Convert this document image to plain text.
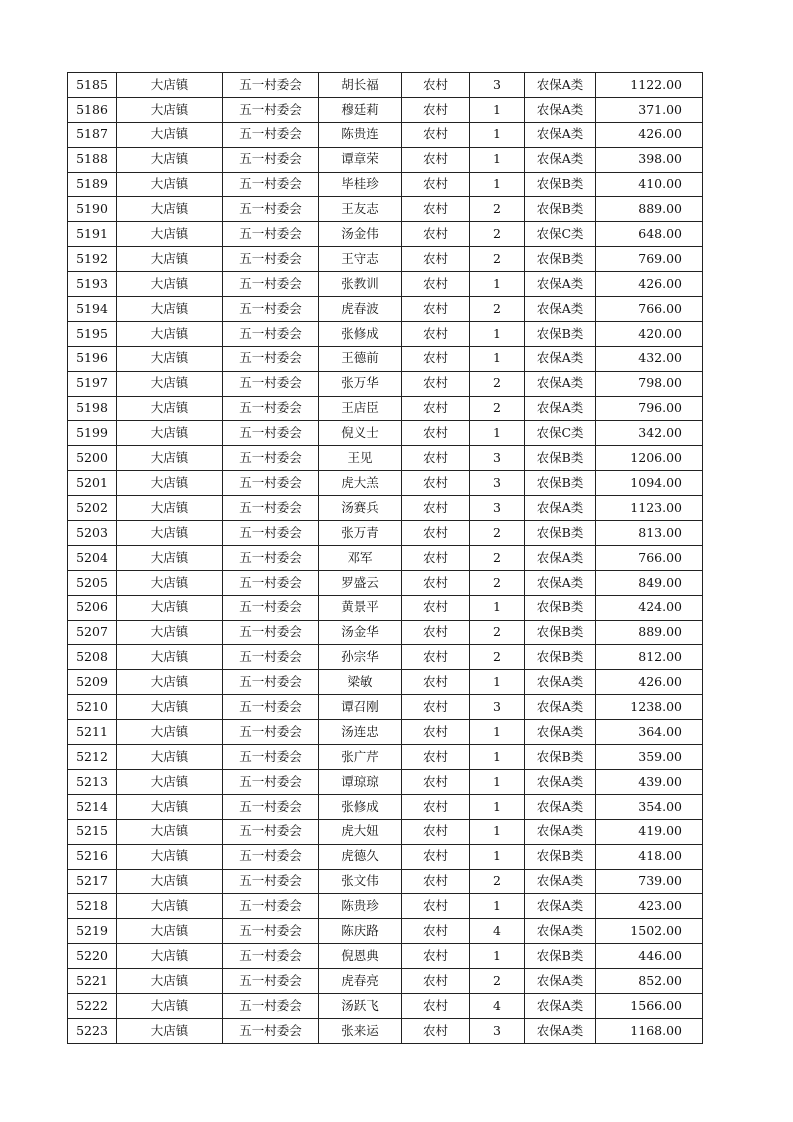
5185	大店镇	五一村委会	胡长福	农村	3	农保A类	1122.00
5186	大店镇	五一村委会	穆廷莉	农村	1	农保A类	371.00
5187	大店镇	五一村委会	陈贵连	农村	1	农保A类	426.00
5188	大店镇	五一村委会	谭章荣	农村	1	农保A类	398.00
5189	大店镇	五一村委会	毕桂珍	农村	1	农保B类	410.00
5190	大店镇	五一村委会	王友志	农村	2	农保B类	889.00
5191	大店镇	五一村委会	汤金伟	农村	2	农保C类	648.00
5192	大店镇	五一村委会	王守志	农村	2	农保B类	769.00
5193	大店镇	五一村委会	张教训	农村	1	农保A类	426.00
5194	大店镇	五一村委会	虎春波	农村	2	农保A类	766.00
5195	大店镇	五一村委会	张修成	农村	1	农保B类	420.00
5196	大店镇	五一村委会	王德前	农村	1	农保A类	432.00
5197	大店镇	五一村委会	张万华	农村	2	农保A类	798.00
5198	大店镇	五一村委会	王店臣	农村	2	农保A类	796.00
5199	大店镇	五一村委会	倪义士	农村	1	农保C类	342.00
5200	大店镇	五一村委会	王见	农村	3	农保B类	1206.00
5201	大店镇	五一村委会	虎大羔	农村	3	农保B类	1094.00
5202	大店镇	五一村委会	汤赛兵	农村	3	农保A类	1123.00
5203	大店镇	五一村委会	张万青	农村	2	农保B类	813.00
5204	大店镇	五一村委会	邓军	农村	2	农保A类	766.00
5205	大店镇	五一村委会	罗盛云	农村	2	农保A类	849.00
5206	大店镇	五一村委会	黄景平	农村	1	农保B类	424.00
5207	大店镇	五一村委会	汤金华	农村	2	农保B类	889.00
5208	大店镇	五一村委会	孙宗华	农村	2	农保B类	812.00
5209	大店镇	五一村委会	梁敏	农村	1	农保A类	426.00
5210	大店镇	五一村委会	谭召刚	农村	3	农保A类	1238.00
5211	大店镇	五一村委会	汤连忠	农村	1	农保A类	364.00
5212	大店镇	五一村委会	张广芹	农村	1	农保B类	359.00
5213	大店镇	五一村委会	谭琼琼	农村	1	农保A类	439.00
5214	大店镇	五一村委会	张修成	农村	1	农保A类	354.00
5215	大店镇	五一村委会	虎大妞	农村	1	农保A类	419.00
5216	大店镇	五一村委会	虎德久	农村	1	农保B类	418.00
5217	大店镇	五一村委会	张文伟	农村	2	农保A类	739.00
5218	大店镇	五一村委会	陈贵珍	农村	1	农保A类	423.00
5219	大店镇	五一村委会	陈庆路	农村	4	农保A类	1502.00
5220	大店镇	五一村委会	倪恩典	农村	1	农保B类	446.00
5221	大店镇	五一村委会	虎春亮	农村	2	农保A类	852.00
5222	大店镇	五一村委会	汤跃飞	农村	4	农保A类	1566.00
5223	大店镇	五一村委会	张来运	农村	3	农保A类	1168.00
